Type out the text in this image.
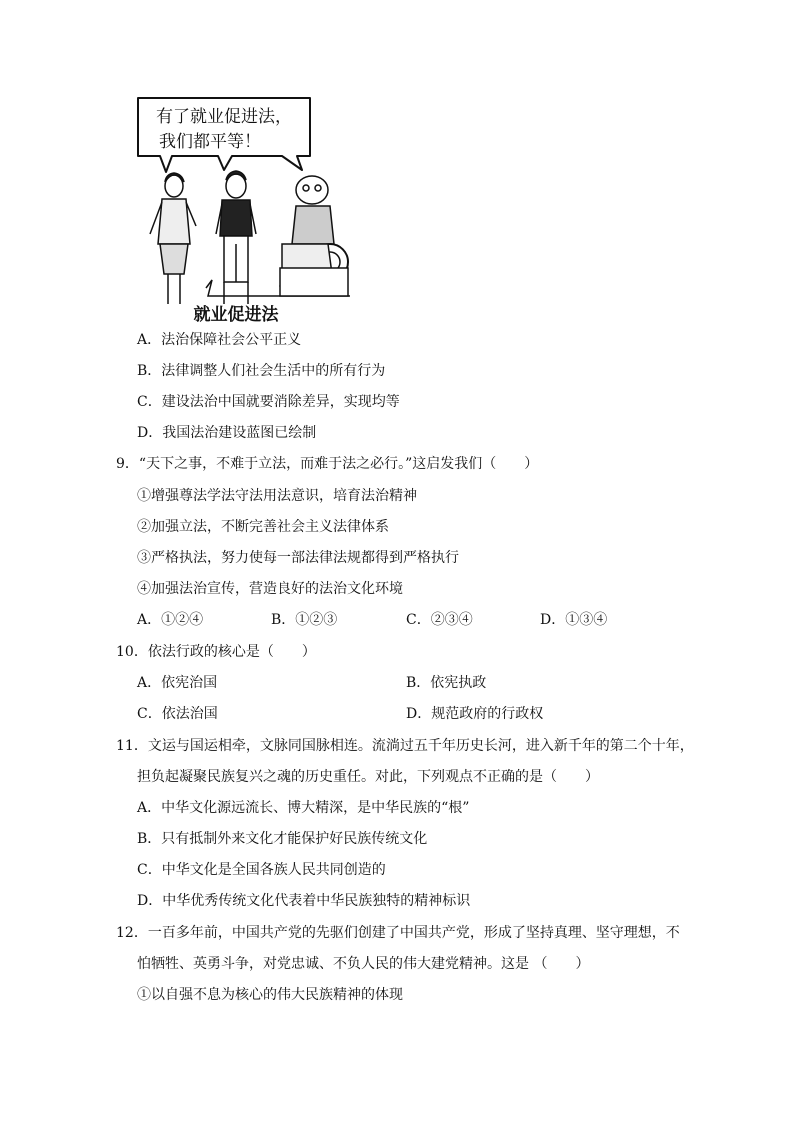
有了就业促进法，
我们都平等！
就业促进法
A．法治保障社会公平正义
B．法律调整人们社会生活中的所有行为
C．建设法治中国就要消除差异，实现均等
D．我国法治建设蓝图已绘制
9．“天下之事，不难于立法，而难于法之必行。”这启发我们（　　）
①增强尊法学法守法用法意识，培育法治精神
②加强立法，不断完善社会主义法律体系
③严格执法，努力使每一部法律法规都得到严格执行
④加强法治宣传，营造良好的法治文化环境
A．①②④	B．①②③	C．②③④	D．①③④
10．依法行政的核心是（　　）
A．依宪治国	B．依宪执政
C．依法治国	D．规范政府的行政权
11．文运与国运相牵，文脉同国脉相连。流淌过五千年历史长河，进入新千年的第二个十年，
担负起凝聚民族复兴之魂的历史重任。对此，下列观点不正确的是（　　）
A．中华文化源远流长、博大精深，是中华民族的“根”
B．只有抵制外来文化才能保护好民族传统文化
C．中华文化是全国各族人民共同创造的
D．中华优秀传统文化代表着中华民族独特的精神标识
12．一百多年前，中国共产党的先驱们创建了中国共产党，形成了坚持真理、坚守理想，不
怕牺牲、英勇斗争，对党忠诚、不负人民的伟大建党精神。这是 （　　）
①以自强不息为核心的伟大民族精神的体现
